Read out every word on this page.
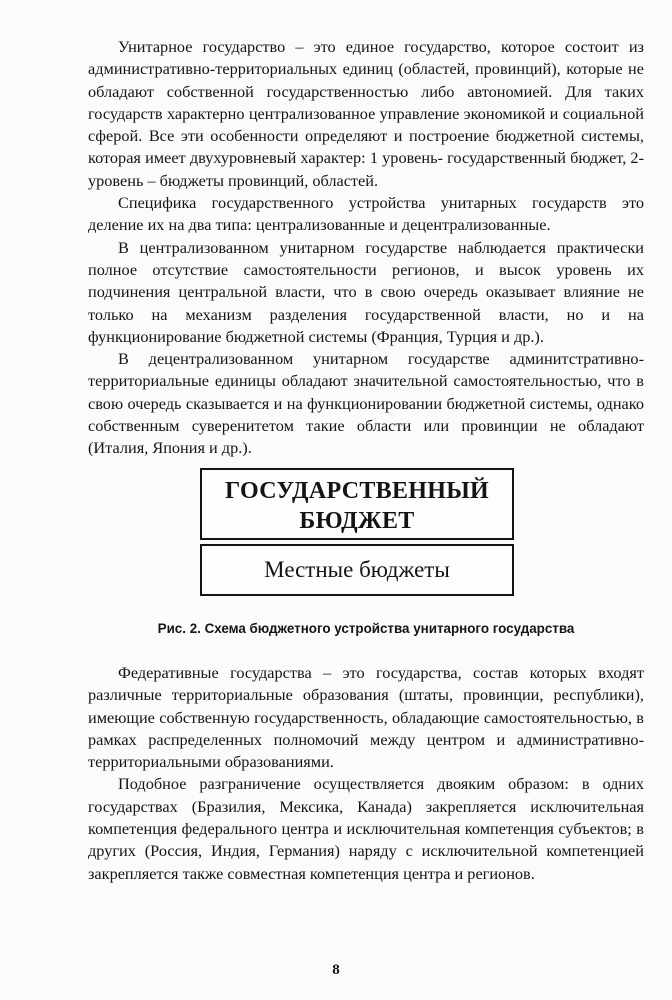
Унитарное государство – это единое государство, которое состоит из административно-территориальных единиц (областей, провинций), которые не обладают собственной государственностью либо автономией. Для таких государств характерно централизованное управление экономикой и социальной сферой. Все эти особенности определяют и построение бюджетной системы, которая имеет двухуровневый характер: 1 уровень- государственный бюджет, 2- уровень – бюджеты провинций, областей.

Специфика государственного устройства унитарных государств это деление их на два типа: централизованные и децентрализованные.

В централизованном унитарном государстве наблюдается практически полное отсутствие самостоятельности регионов, и высок уровень их подчинения центральной власти, что в свою очередь оказывает влияние не только на механизм разделения государственной власти, но и на функционирование бюджетной системы (Франция, Турция и др.).

В децентрализованном унитарном государстве админитстративно-территориальные единицы обладают значительной самостоятельностью, что в свою очередь сказывается и на функционировании бюджетной системы, однако собственным суверенитетом такие области или провинции не обладают (Италия, Япония и др.).

ГОСУДАРСТВЕННЫЙ
БЮДЖЕТ
Местные бюджеты
Рис. 2. Схема бюджетного устройства унитарного государства

Федеративные государства – это государства, состав которых входят различные территориальные образования (штаты, провинции, республики), имеющие собственную государственность, обладающие самостоятельностью, в рамках распределенных полномочий между центром и административно-территориальными образованиями.

Подобное разграничение осуществляется двояким образом: в одних государствах (Бразилия, Мексика, Канада) закрепляется исключительная компетенция федерального центра и исключительная компетенция субъектов; в других (Россия, Индия, Германия) наряду с исключительной компетенцией закрепляется также совместная компетенция центра и регионов.

8
